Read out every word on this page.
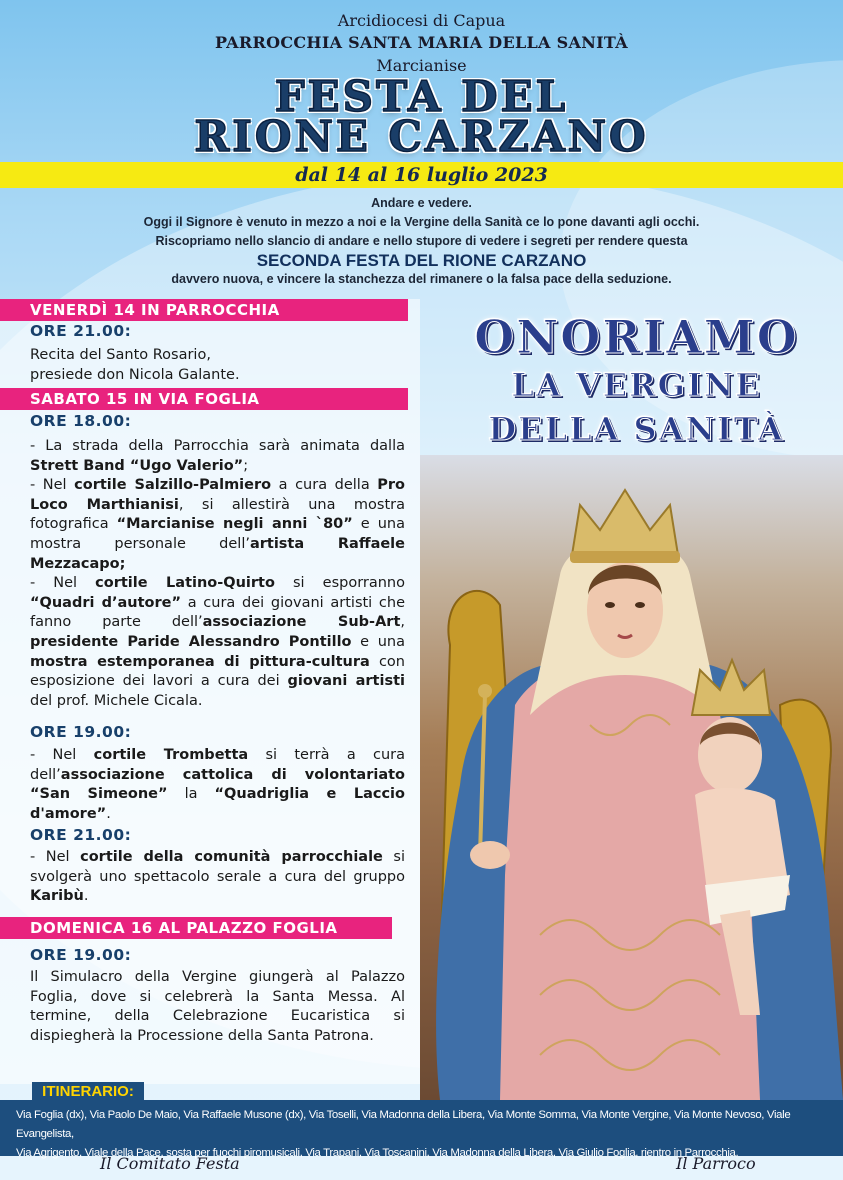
Arcidiocesi di Capua
PARROCCHIA SANTA MARIA DELLA SANITÀ
Marcianise
FESTA DEL
RIONE CARZANO
dal 14 al 16 luglio 2023
Andare e vedere.
Oggi il Signore è venuto in mezzo a noi e la Vergine della Sanità ce lo pone davanti agli occhi.
Riscopriamo nello slancio di andare e nello stupore di vedere i segreti per rendere questa
SECONDA FESTA DEL RIONE CARZANO
davvero nuova, e vincere la stanchezza del rimanere o la falsa pace della seduzione.
VENERDÌ 14 IN PARROCCHIA
ORE 21.00:
Recita del Santo Rosario,
presiede don Nicola Galante.
SABATO 15 IN VIA FOGLIA
ORE 18.00:
- La strada della Parrocchia sarà animata dalla Strett Band “Ugo Valerio”;
- Nel cortile Salzillo-Palmiero a cura della Pro Loco Marthianisi, si allestirà una mostra fotografica “Marcianise negli anni `80” e una mostra personale dell’artista Raffaele Mezzacapo;
- Nel cortile Latino-Quirto si esporranno “Quadri d’autore” a cura dei giovani artisti che fanno parte dell’associazione Sub-Art, presidente Paride Alessandro Pontillo e una mostra estemporanea di pittura-cultura con esposizione dei lavori a cura dei giovani artisti del prof. Michele Cicala.
ORE 19.00:
- Nel cortile Trombetta si terrà a cura dell’associazione cattolica di volontariato “San Simeone” la “Quadriglia e Laccio d'amore”.
ORE 21.00:
- Nel cortile della comunità parrocchiale si svolgerà uno spettacolo serale a cura del gruppo Karibù.
DOMENICA 16 AL PALAZZO FOGLIA
ORE 19.00:
Il Simulacro della Vergine giungerà al Palazzo Foglia, dove si celebrerà la Santa Messa. Al termine, della Celebrazione Eucaristica si dispiegherà la Processione della Santa Patrona.
ONORIAMO
LA VERGINE
DELLA SANITÀ
ITINERARIO:
Via Foglia (dx), Via Paolo De Maio, Via Raffaele Musone (dx), Via Toselli, Via Madonna della Libera, Via Monte Somma, Via Monte Vergine, Via Monte Nevoso, Viale Evangelista,
Via Agrigento, Viale della Pace, sosta per fuochi piromusicali, Via Trapani, Via Toscanini, Via Madonna della Libera, Via Giulio Foglia, rientro in Parrocchia.
Il Comitato Festa	Il Parroco
